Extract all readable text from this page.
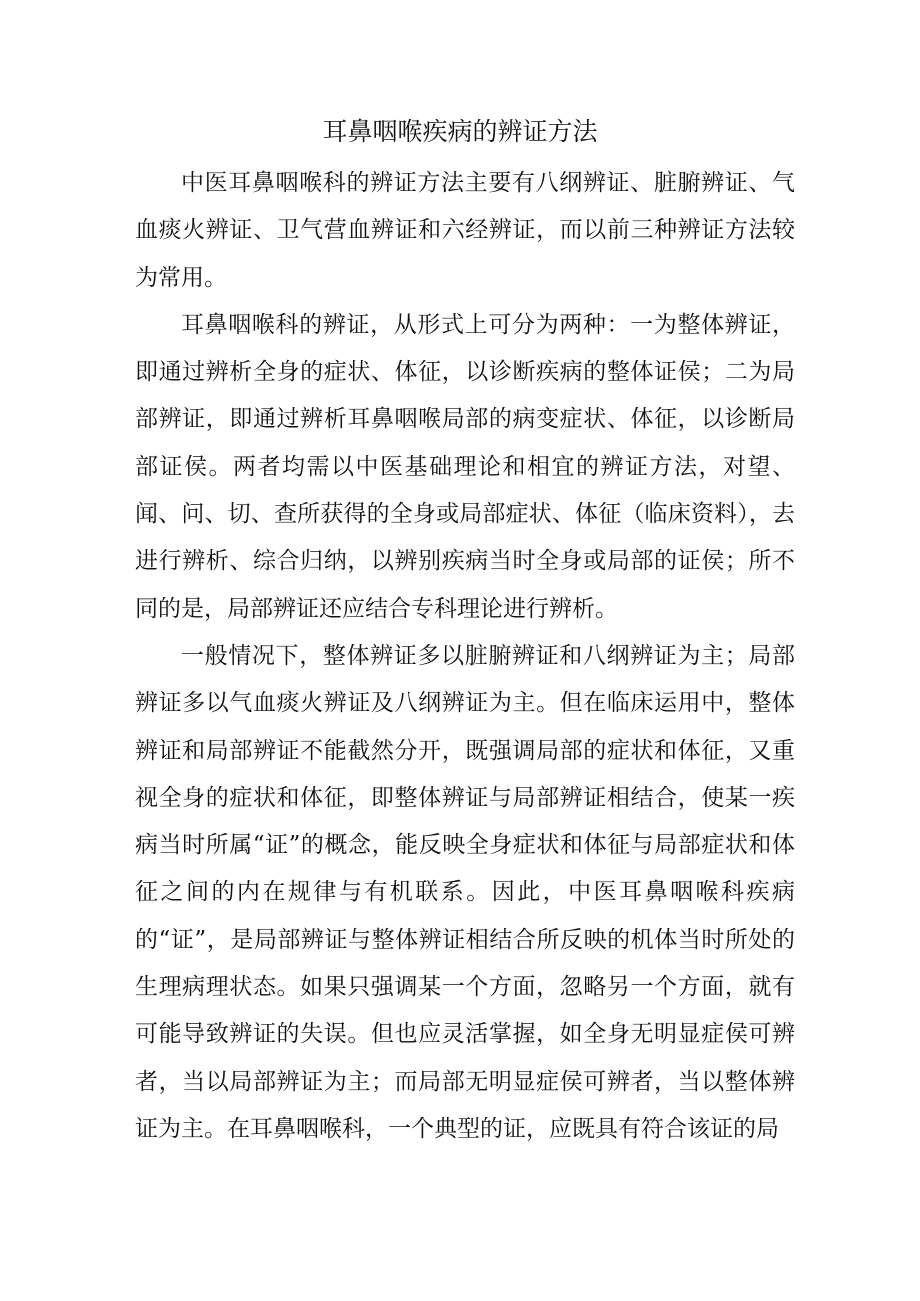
耳鼻咽喉疾病的辨证方法

中医耳鼻咽喉科的辨证方法主要有八纲辨证、脏腑辨证、气血痰火辨证、卫气营血辨证和六经辨证，而以前三种辨证方法较为常用。

耳鼻咽喉科的辨证，从形式上可分为两种：一为整体辨证，即通过辨析全身的症状、体征，以诊断疾病的整体证侯；二为局部辨证，即通过辨析耳鼻咽喉局部的病变症状、体征，以诊断局部证侯。两者均需以中医基础理论和相宜的辨证方法，对望、闻、问、切、查所获得的全身或局部症状、体征（临床资料），去进行辨析、综合归纳，以辨别疾病当时全身或局部的证侯；所不同的是，局部辨证还应结合专科理论进行辨析。

一般情况下，整体辨证多以脏腑辨证和八纲辨证为主；局部辨证多以气血痰火辨证及八纲辨证为主。但在临床运用中，整体辨证和局部辨证不能截然分开，既强调局部的症状和体征，又重视全身的症状和体征，即整体辨证与局部辨证相结合，使某一疾病当时所属“证”的概念，能反映全身症状和体征与局部症状和体征之间的内在规律与有机联系。因此，中医耳鼻咽喉科疾病的“证”，是局部辨证与整体辨证相结合所反映的机体当时所处的生理病理状态。如果只强调某一个方面，忽略另一个方面，就有可能导致辨证的失误。但也应灵活掌握，如全身无明显症侯可辨者，当以局部辨证为主；而局部无明显症侯可辨者，当以整体辨证为主。在耳鼻咽喉科，一个典型的证，应既具有符合该证的局
